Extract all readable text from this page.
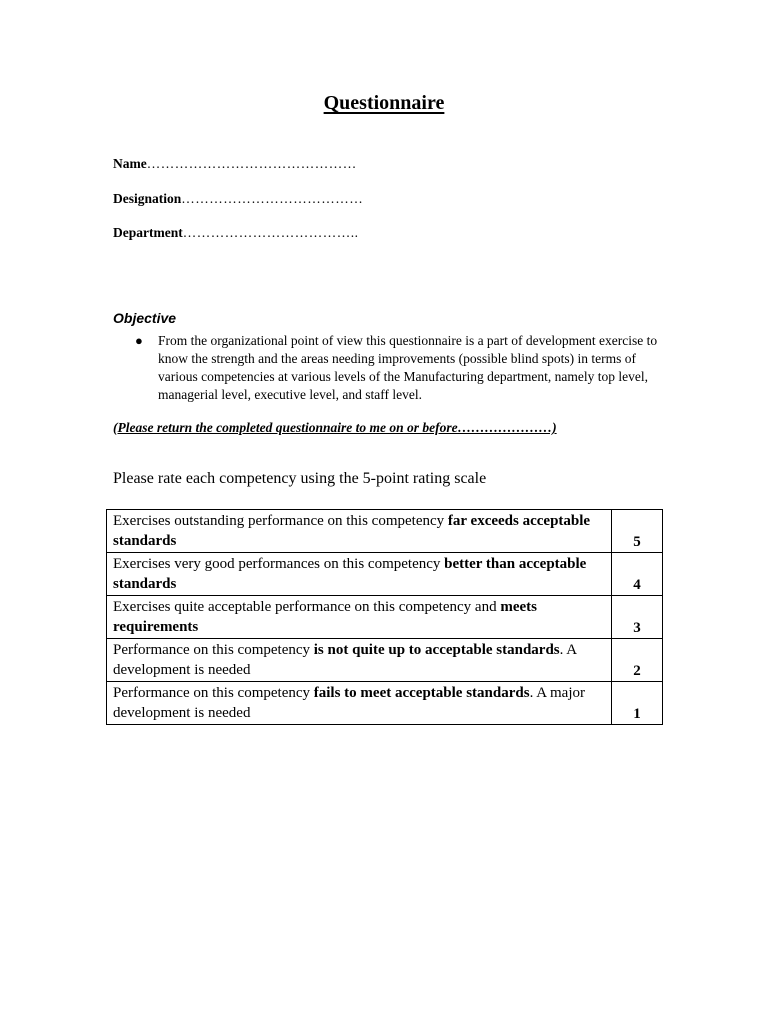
Questionnaire
Name………………………………………
Designation…………………………………
Department………………………………..
Objective
● From the organizational point of view this questionnaire is a part of development exercise to know the strength and the areas needing improvements (possible blind spots) in terms of various competencies at various levels of the Manufacturing department, namely top level, managerial level, executive level, and staff level.
(Please return the completed questionnaire to me on or before…………………)
Please rate each competency using the 5-point rating scale
Exercises outstanding performance on this competency far exceeds acceptable standards	5
Exercises very good performances on this competency better than acceptable standards	4
Exercises quite acceptable performance on this competency and meets requirements	3
Performance on this competency is not quite up to acceptable standards. A development is needed	2
Performance on this competency fails to meet acceptable standards. A major development is needed	1
